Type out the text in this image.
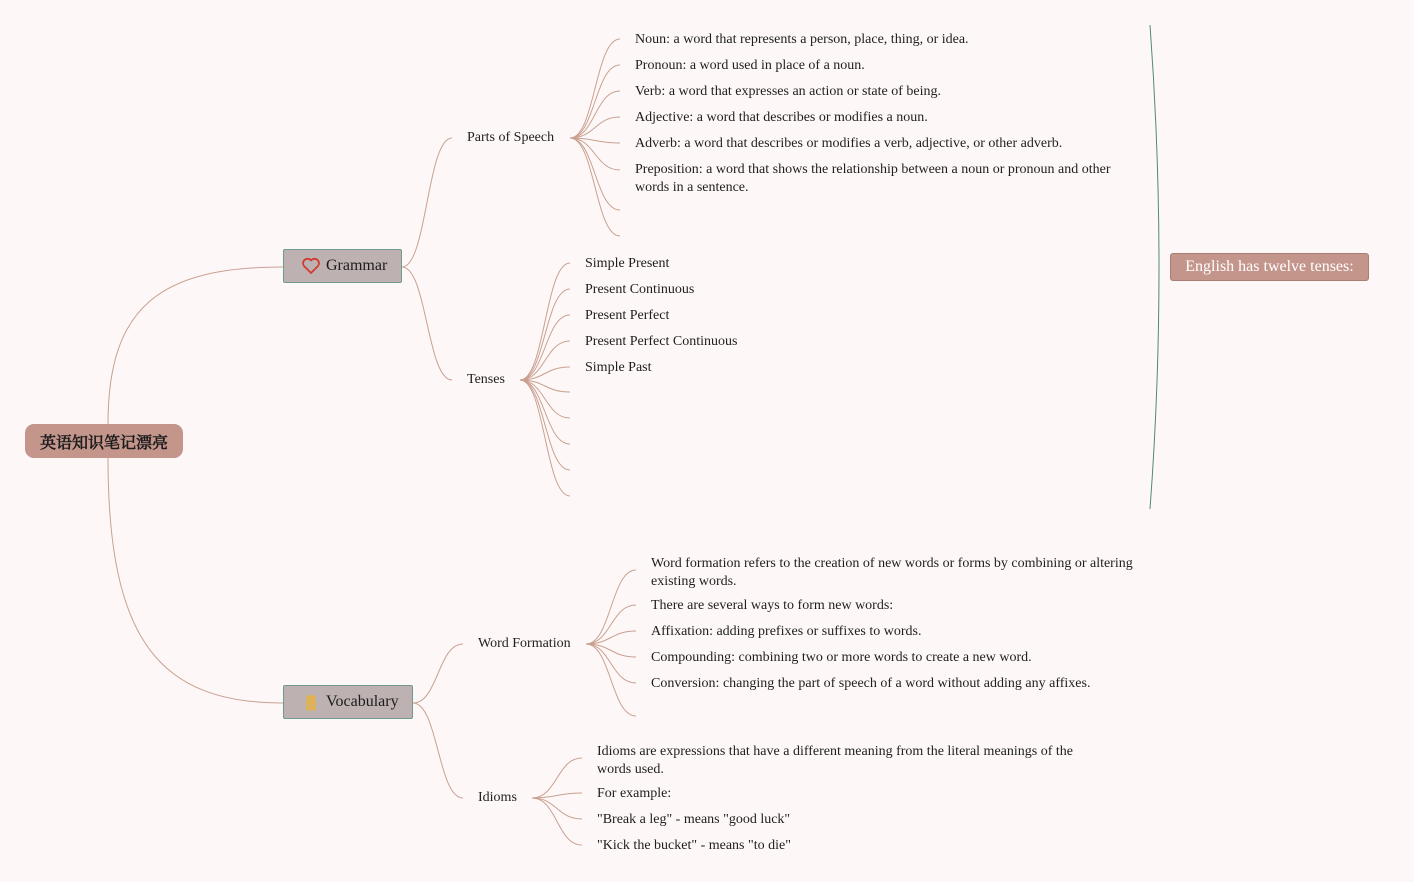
英语知识笔记漂亮
Grammar
Vocabulary
Parts of Speech
Tenses
Word Formation
Idioms
Noun: a word that represents a person, place, thing, or idea.
Pronoun: a word used in place of a noun.
Verb: a word that expresses an action or state of being.
Adjective: a word that describes or modifies a noun.
Adverb: a word that describes or modifies a verb, adjective, or other adverb.
Preposition: a word that shows the relationship between a noun or pronoun and other words in a sentence.
Simple Present
Present Continuous
Present Perfect
Present Perfect Continuous
Simple Past
Word formation refers to the creation of new words or forms by combining or altering existing words.
There are several ways to form new words:
Affixation: adding prefixes or suffixes to words.
Compounding: combining two or more words to create a new word.
Conversion: changing the part of speech of a word without adding any affixes.
Idioms are expressions that have a different meaning from the literal meanings of the words used.
For example:
"Break a leg" - means "good luck"
"Kick the bucket" - means "to die"
English has twelve tenses:
